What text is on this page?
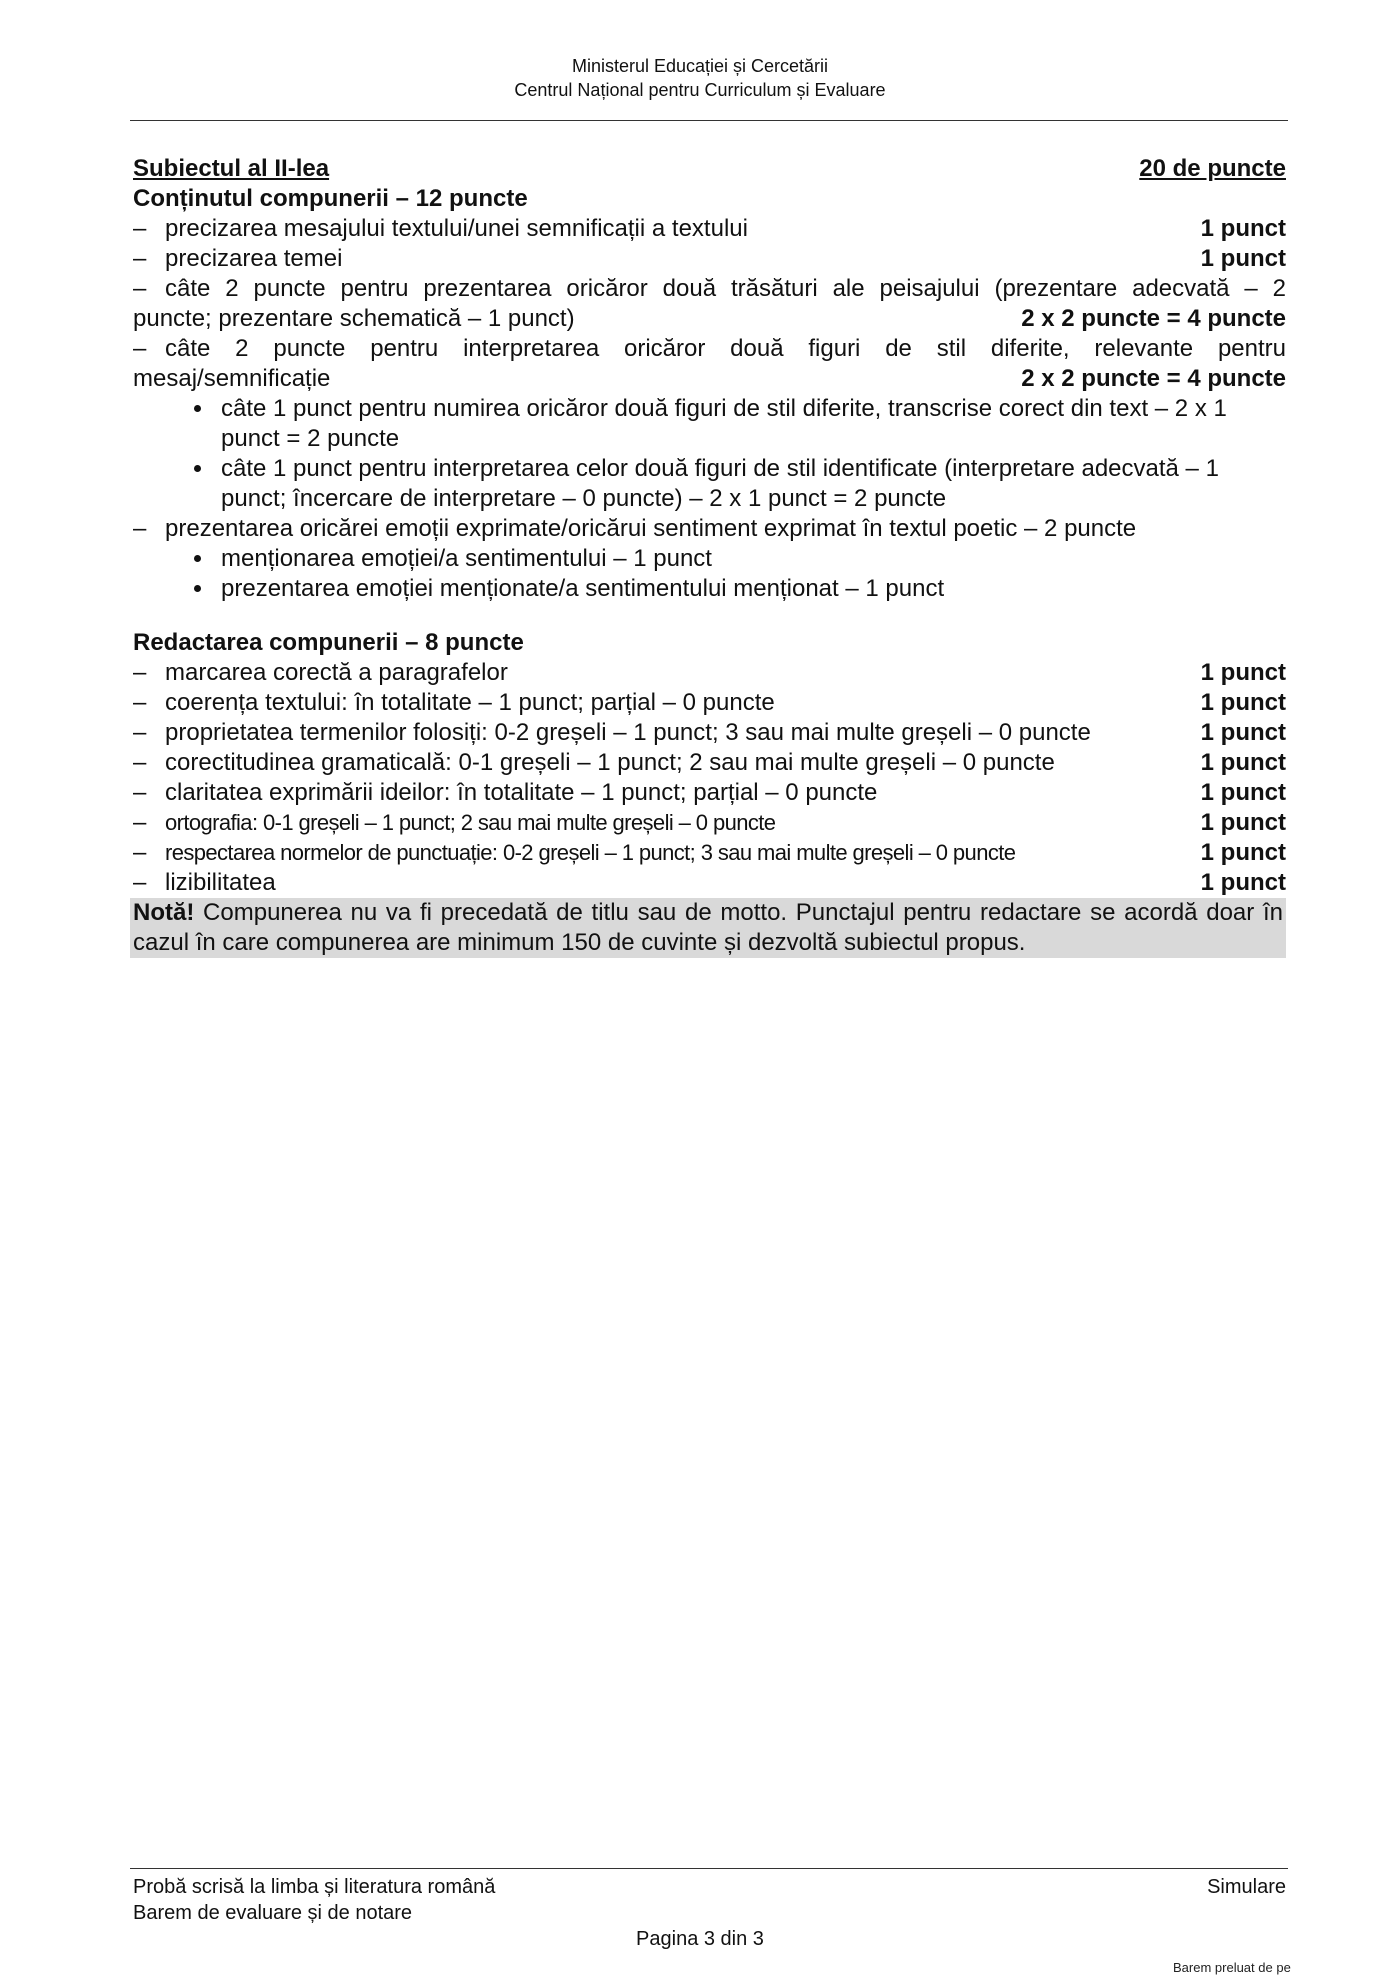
Ministerul Educației și Cercetării
Centrul Național pentru Curriculum și Evaluare
Subiectul al II-lea	20 de puncte
Conținutul compunerii – 12 puncte
– precizarea mesajului textului/unei semnificații a textului	1 punct
– precizarea temei	1 punct
– câte 2 puncte pentru prezentarea oricăror două trăsături ale peisajului (prezentare adecvată – 2
puncte; prezentare schematică – 1 punct)	2 x 2 puncte = 4 puncte
– câte 2 puncte pentru interpretarea oricăror două figuri de stil diferite, relevante pentru
mesaj/semnificație	2 x 2 puncte = 4 puncte
• câte 1 punct pentru numirea oricăror două figuri de stil diferite, transcrise corect din text – 2 x 1 punct = 2 puncte
• câte 1 punct pentru interpretarea celor două figuri de stil identificate (interpretare adecvată – 1 punct; încercare de interpretare – 0 puncte) – 2 x 1 punct = 2 puncte
– prezentarea oricărei emoții exprimate/oricărui sentiment exprimat în textul poetic – 2 puncte
• menționarea emoției/a sentimentului – 1 punct
• prezentarea emoției menționate/a sentimentului menționat – 1 punct
Redactarea compunerii – 8 puncte
– marcarea corectă a paragrafelor	1 punct
– coerența textului: în totalitate – 1 punct; parțial – 0 puncte	1 punct
– proprietatea termenilor folosiți: 0-2 greșeli – 1 punct; 3 sau mai multe greșeli – 0 puncte	1 punct
– corectitudinea gramaticală: 0-1 greșeli – 1 punct; 2 sau mai multe greșeli – 0 puncte	1 punct
– claritatea exprimării ideilor: în totalitate – 1 punct; parțial – 0 puncte	1 punct
– ortografia: 0-1 greșeli – 1 punct; 2 sau mai multe greșeli – 0 puncte	1 punct
– respectarea normelor de punctuație: 0-2 greșeli – 1 punct; 3 sau mai multe greșeli – 0 puncte	1 punct
– lizibilitatea	1 punct
Notă! Compunerea nu va fi precedată de titlu sau de motto. Punctajul pentru redactare se acordă doar în cazul în care compunerea are minimum 150 de cuvinte și dezvoltă subiectul propus.
Probă scrisă la limba și literatura română	Simulare
Barem de evaluare și de notare
Pagina 3 din 3
Barem preluat de pe
